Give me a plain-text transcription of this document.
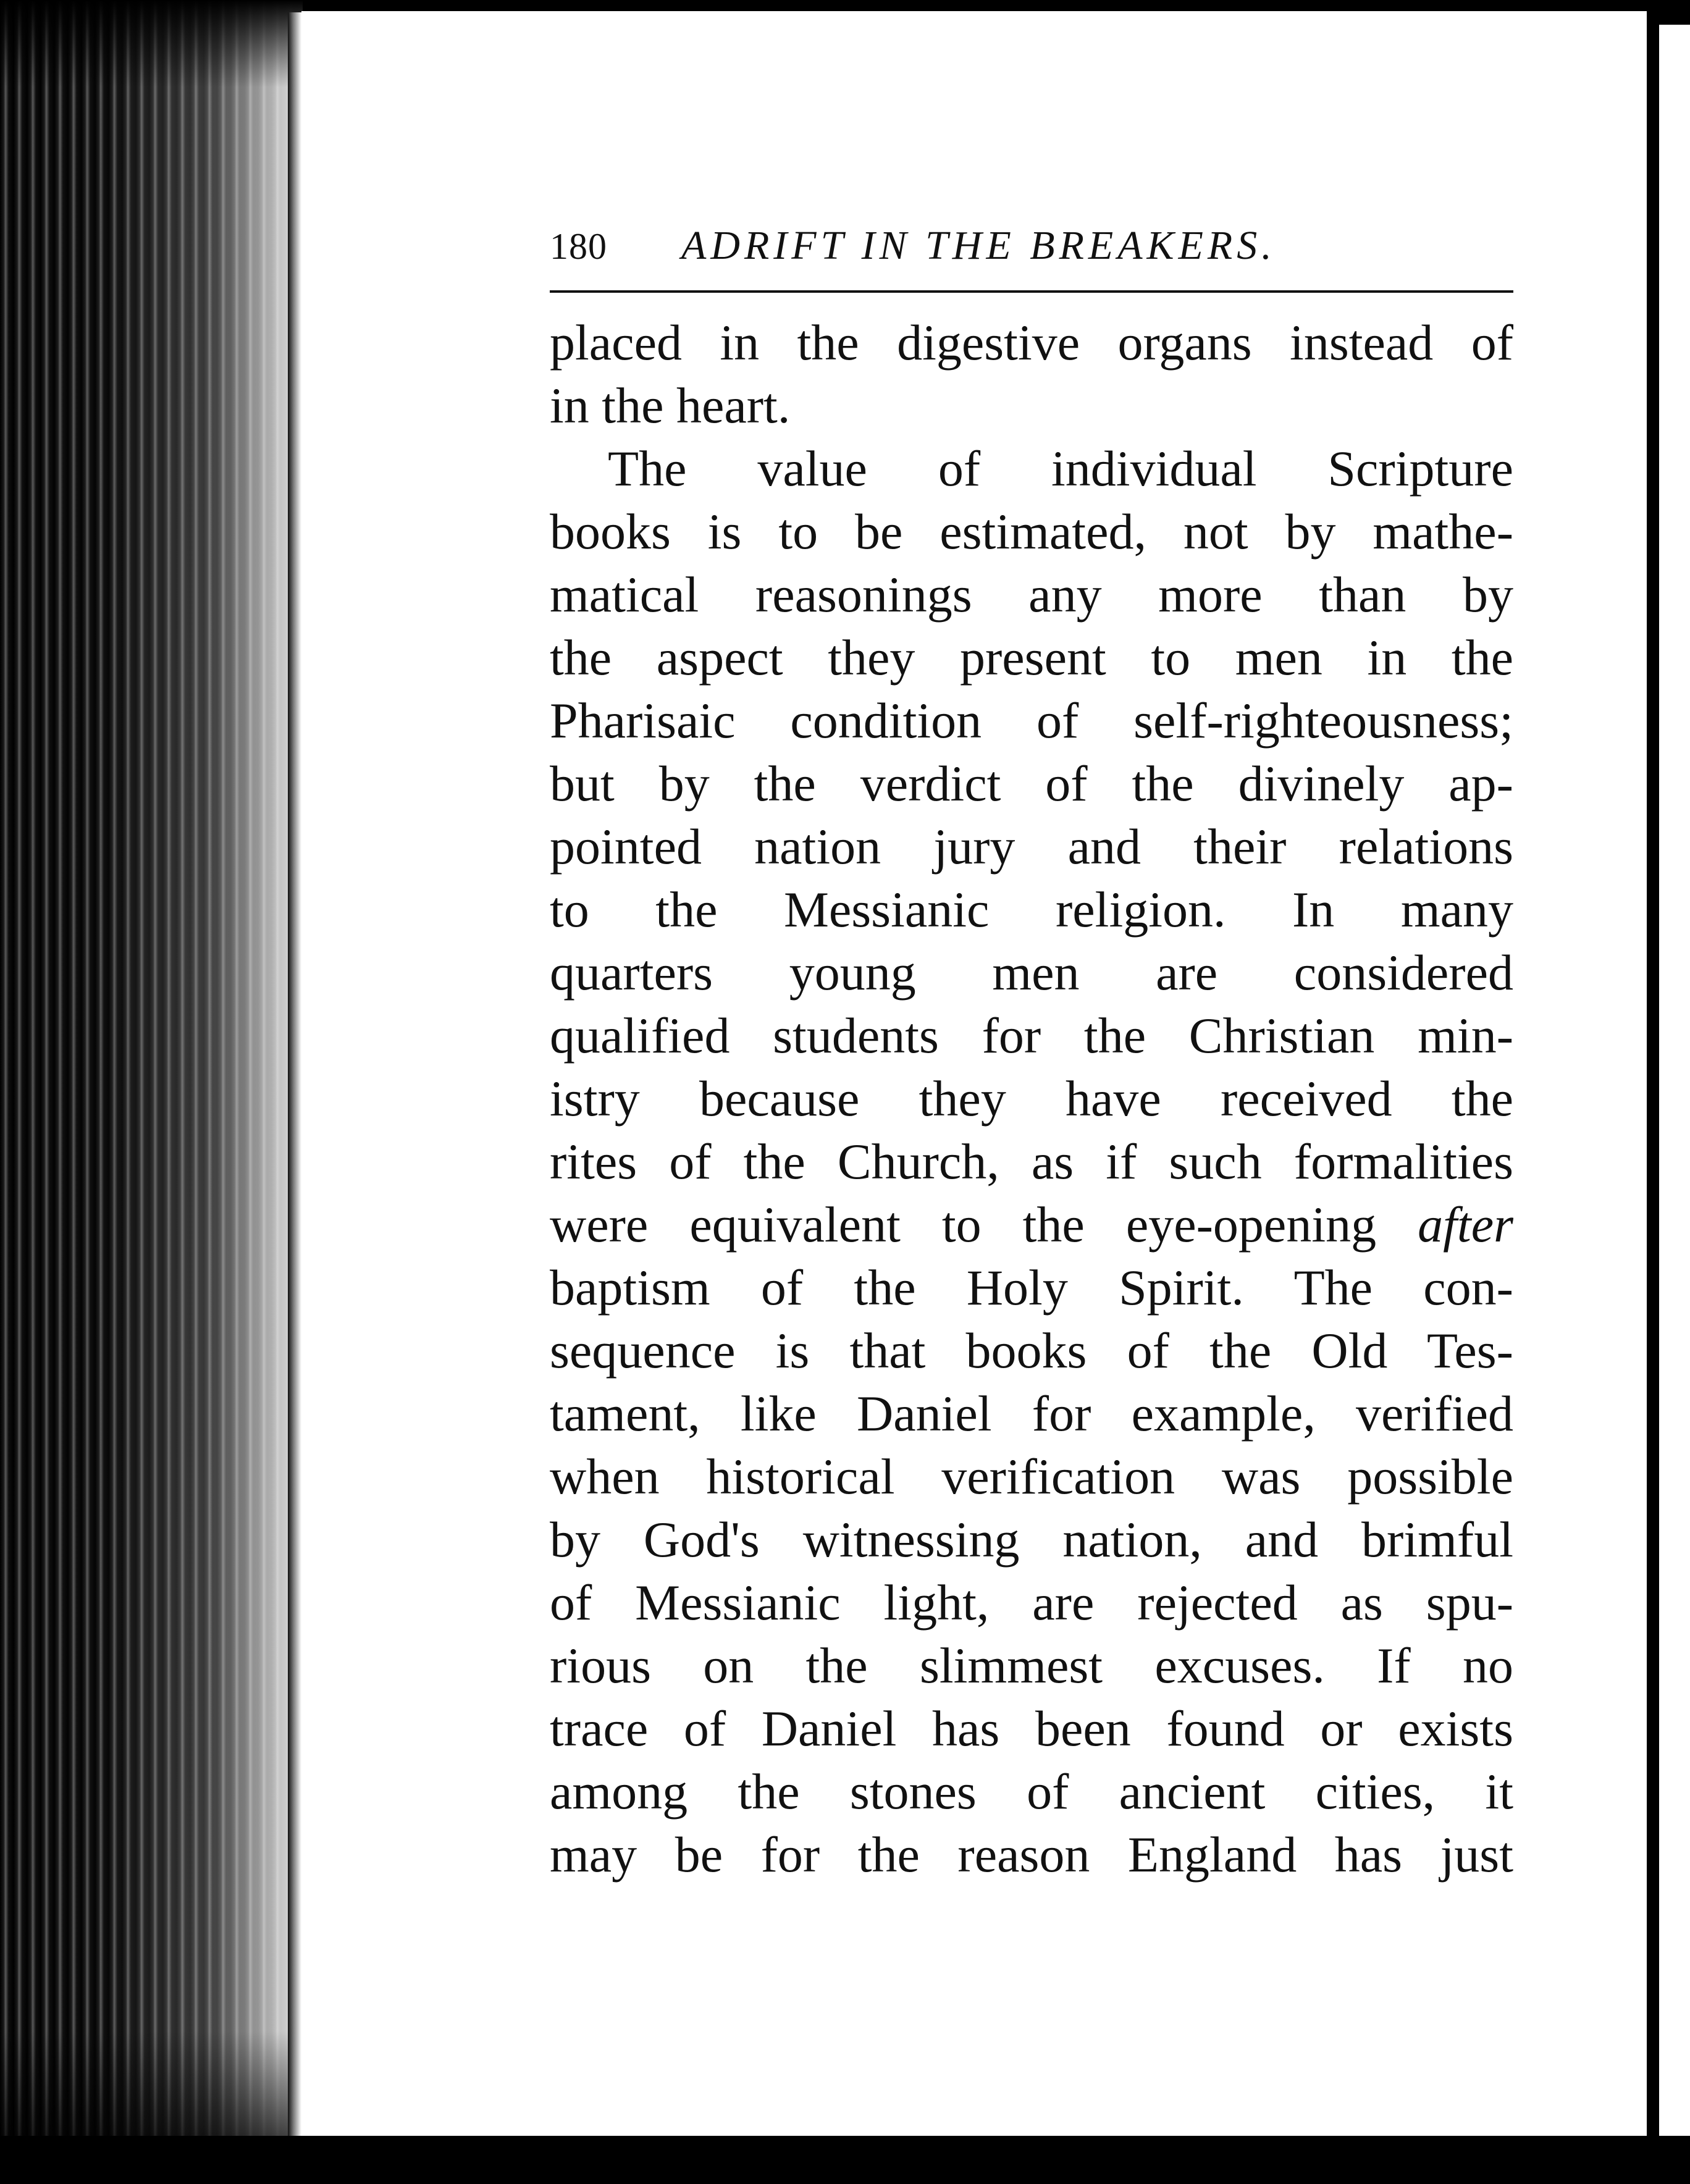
180 ADRIFT IN THE BREAKERS.
placed in the digestive organs instead of
in the heart.
The value of individual Scripture
books is to be estimated, not by mathe-
matical reasonings any more than by
the aspect they present to men in the
Pharisaic condition of self-righteousness;
but by the verdict of the divinely ap-
pointed nation jury and their relations
to the Messianic religion. In many
quarters young men are considered
qualified students for the Christian min-
istry because they have received the
rites of the Church, as if such formalities
were equivalent to the eye-opening after
baptism of the Holy Spirit. The con-
sequence is that books of the Old Tes-
tament, like Daniel for example, verified
when historical verification was possible
by God's witnessing nation, and brimful
of Messianic light, are rejected as spu-
rious on the slimmest excuses. If no
trace of Daniel has been found or exists
among the stones of ancient cities, it
may be for the reason England has just
